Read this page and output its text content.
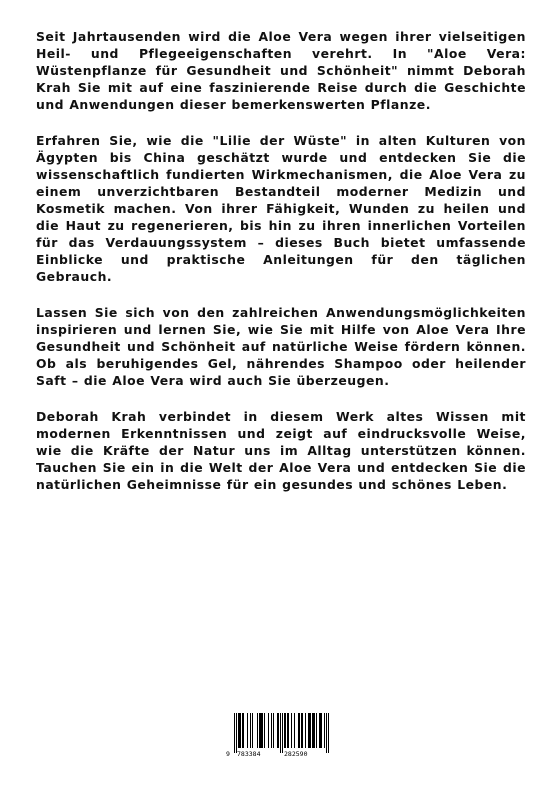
Seit Jahrtausenden wird die Aloe Vera wegen ihrer vielseitigen Heil- und Pflegeeigenschaften verehrt. In "Aloe Vera: Wüstenpflanze für Gesundheit und Schönheit" nimmt Deborah Krah Sie mit auf eine faszinierende Reise durch die Geschichte und Anwendungen dieser bemerkenswerten Pflanze.

Erfahren Sie, wie die "Lilie der Wüste" in alten Kulturen von Ägypten bis China geschätzt wurde und entdecken Sie die wissenschaftlich fundierten Wirkmechanismen, die Aloe Vera zu einem unverzichtbaren Bestandteil moderner Medizin und Kosmetik machen. Von ihrer Fähigkeit, Wunden zu heilen und die Haut zu regenerieren, bis hin zu ihren innerlichen Vorteilen für das Verdauungssystem – dieses Buch bietet umfassende Einblicke und praktische Anleitungen für den täglichen Gebrauch.

Lassen Sie sich von den zahlreichen Anwendungsmöglichkeiten inspirieren und lernen Sie, wie Sie mit Hilfe von Aloe Vera Ihre Gesundheit und Schönheit auf natürliche Weise fördern können. Ob als beruhigendes Gel, nährendes Shampoo oder heilender Saft – die Aloe Vera wird auch Sie überzeugen.

Deborah Krah verbindet in diesem Werk altes Wissen mit modernen Erkenntnissen und zeigt auf eindrucksvolle Weise, wie die Kräfte der Natur uns im Alltag unterstützen können. Tauchen Sie ein in die Welt der Aloe Vera und entdecken Sie die natürlichen Geheimnisse für ein gesundes und schönes Leben.

9 783384	282590
